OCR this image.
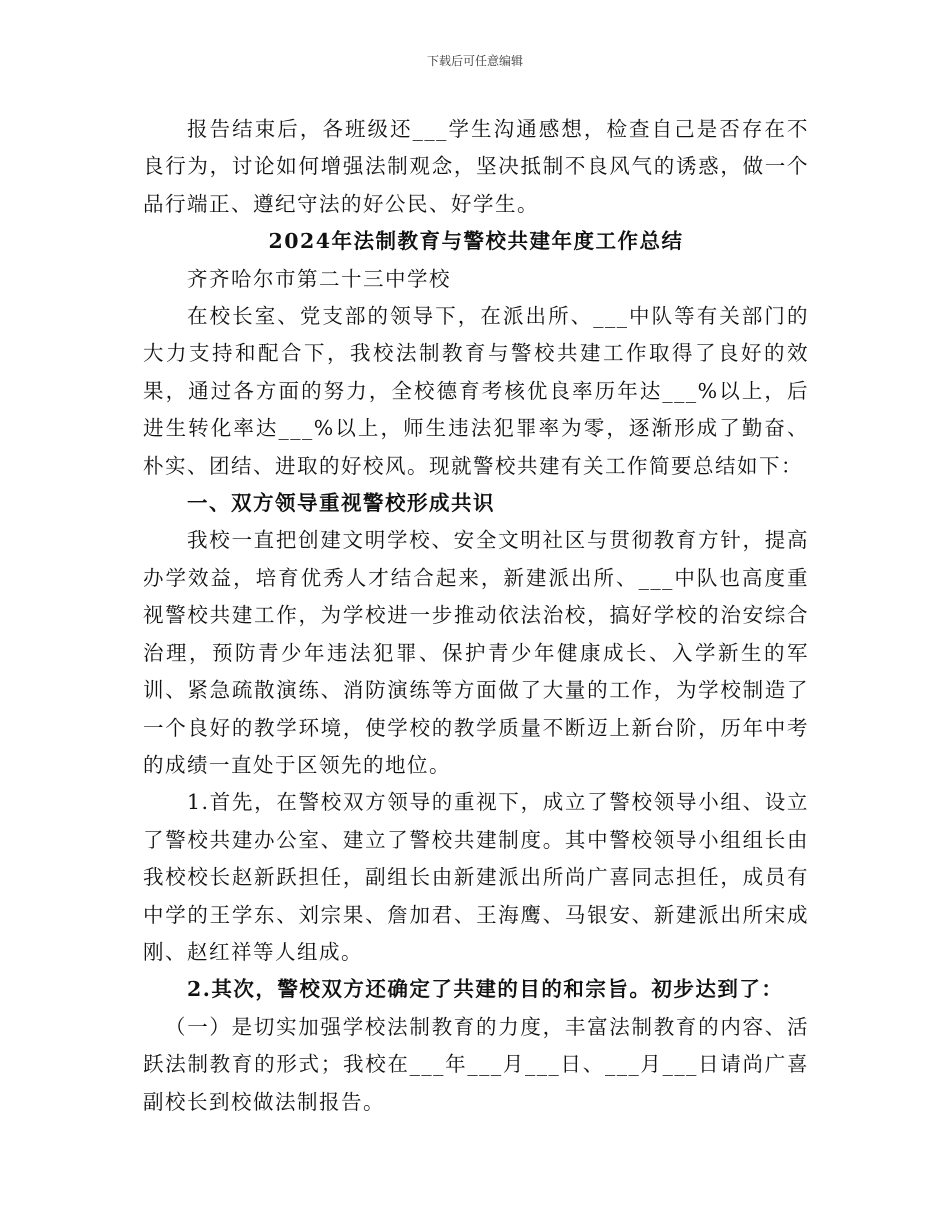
下载后可任意编辑

报告结束后，各班级还___学生沟通感想，检查自己是否存在不良行为，讨论如何增强法制观念，坚决抵制不良风气的诱惑，做一个品行端正、遵纪守法的好公民、好学生。

2024年法制教育与警校共建年度工作总结

齐齐哈尔市第二十三中学校

在校长室、党支部的领导下，在派出所、___中队等有关部门的大力支持和配合下，我校法制教育与警校共建工作取得了良好的效果，通过各方面的努力，全校德育考核优良率历年达___%以上，后进生转化率达___%以上，师生违法犯罪率为零，逐渐形成了勤奋、朴实、团结、进取的好校风。现就警校共建有关工作简要总结如下：

一、双方领导重视警校形成共识

我校一直把创建文明学校、安全文明社区与贯彻教育方针，提高办学效益，培育优秀人才结合起来，新建派出所、___中队也高度重视警校共建工作，为学校进一步推动依法治校，搞好学校的治安综合治理，预防青少年违法犯罪、保护青少年健康成长、入学新生的军训、紧急疏散演练、消防演练等方面做了大量的工作，为学校制造了一个良好的教学环境，使学校的教学质量不断迈上新台阶，历年中考的成绩一直处于区领先的地位。

1.首先，在警校双方领导的重视下，成立了警校领导小组、设立了警校共建办公室、建立了警校共建制度。其中警校领导小组组长由我校校长赵新跃担任，副组长由新建派出所尚广喜同志担任，成员有中学的王学东、刘宗果、詹加君、王海鹰、马银安、新建派出所宋成刚、赵红祥等人组成。

2.其次，警校双方还确定了共建的目的和宗旨。初步达到了：

（一）是切实加强学校法制教育的力度，丰富法制教育的内容、活跃法制教育的形式；我校在___年___月___日、___月___日请尚广喜副校长到校做法制报告。
